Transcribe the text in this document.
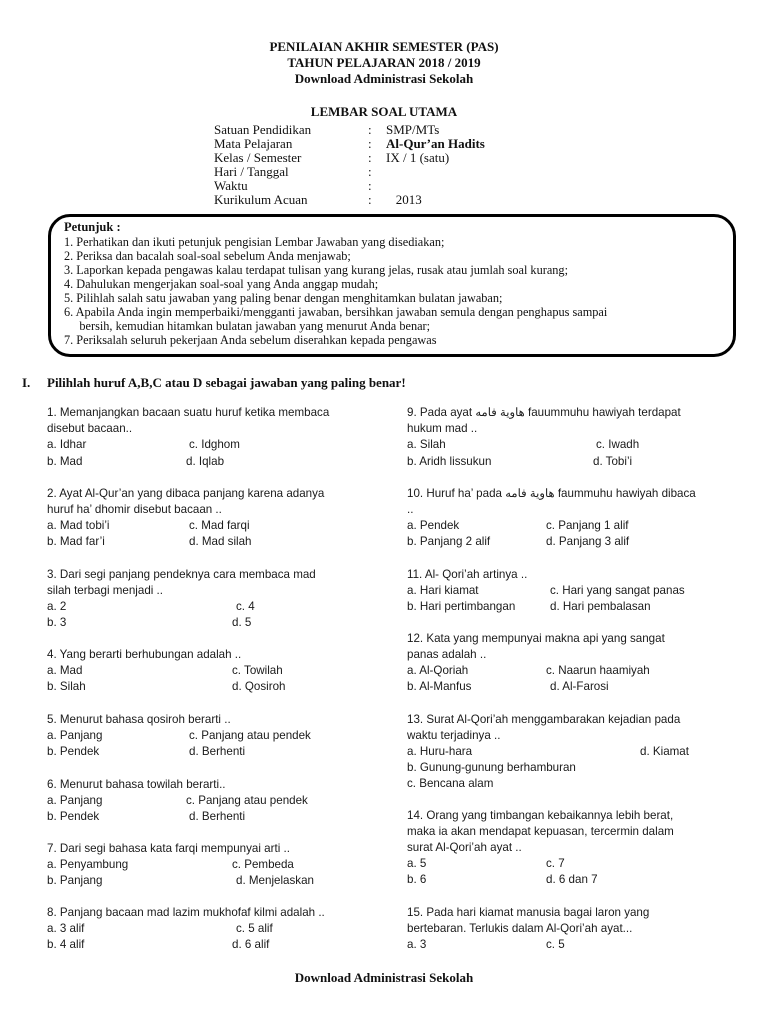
PENILAIAN AKHIR SEMESTER (PAS)
TAHUN PELAJARAN 2018 / 2019
Download Administrasi Sekolah
LEMBAR SOAL UTAMA
Satuan Pendidikan	: SMP/MTs
Mata Pelajaran	: Al-Qur’an Hadits
Kelas / Semester	: IX / 1 (satu)
Hari / Tanggal	:
Waktu	:
Kurikulum Acuan	: 2013
Petunjuk :
1. Perhatikan dan ikuti petunjuk pengisian Lembar Jawaban yang disediakan;
2. Periksa dan bacalah soal-soal sebelum Anda menjawab;
3. Laporkan kepada pengawas kalau terdapat tulisan yang kurang jelas, rusak atau jumlah soal kurang;
4. Dahulukan mengerjakan soal-soal yang Anda anggap mudah;
5. Pilihlah salah satu jawaban yang paling benar dengan menghitamkan bulatan jawaban;
6. Apabila Anda ingin memperbaiki/mengganti jawaban, bersihkan jawaban semula dengan penghapus sampai
bersih, kemudian hitamkan bulatan jawaban yang menurut Anda benar;
7. Periksalah seluruh pekerjaan Anda sebelum diserahkan kepada pengawas
I. Pilihlah huruf A,B,C atau D sebagai jawaban yang paling benar!
1. Memanjangkan bacaan suatu huruf ketika membaca
disebut bacaan..
a. Idhar	c. Idghom
b. Mad	d. Iqlab
2. Ayat Al-Qur’an yang dibaca panjang karena adanya
huruf ha’ dhomir disebut bacaan ..
a. Mad tobi’i	c. Mad farqi
b. Mad far’i	d. Mad silah
3. Dari segi panjang pendeknya cara membaca mad
silah terbagi menjadi ..
a. 2	c. 4
b. 3	d. 5
4. Yang berarti berhubungan adalah ..
a. Mad	c. Towilah
b. Silah	d. Qosiroh
5. Menurut bahasa qosiroh berarti ..
a. Panjang	c. Panjang atau pendek
b. Pendek	d. Berhenti
6. Menurut bahasa towilah berarti..
a. Panjang	c. Panjang atau pendek
b. Pendek	d. Berhenti
7. Dari segi bahasa kata farqi mempunyai arti ..
a. Penyambung	c. Pembeda
b. Panjang	d. Menjelaskan
8. Panjang bacaan mad lazim mukhofaf kilmi adalah ..
a. 3 alif	c. 5 alif
b. 4 alif	d. 6 alif
9. Pada ayat هاوية فامه fauummuhu hawiyah terdapat
hukum mad ..
a. Silah	c. Iwadh
b. Aridh lissukun	d. Tobi’i
10. Huruf ha’ pada هاوية فامه faummuhu hawiyah dibaca
..
a. Pendek	c. Panjang 1 alif
b. Panjang 2 alif	d. Panjang 3 alif
11. Al- Qori’ah artinya ..
a. Hari kiamat	c. Hari yang sangat panas
b. Hari pertimbangan	d. Hari pembalasan
12. Kata yang mempunyai makna api yang sangat
panas adalah ..
a. Al-Qoriah	c. Naarun haamiyah
b. Al-Manfus	d. Al-Farosi
13. Surat Al-Qori’ah menggambarakan kejadian pada
waktu terjadinya ..
a. Huru-hara	d. Kiamat
b. Gunung-gunung berhamburan
c. Bencana alam
14. Orang yang timbangan kebaikannya lebih berat,
maka ia akan mendapat kepuasan, tercermin dalam
surat Al-Qori’ah ayat ..
a. 5	c. 7
b. 6	d. 6 dan 7
15. Pada hari kiamat manusia bagai laron yang
bertebaran. Terlukis dalam Al-Qori’ah ayat...
a. 3	c. 5
Download Administrasi Sekolah
